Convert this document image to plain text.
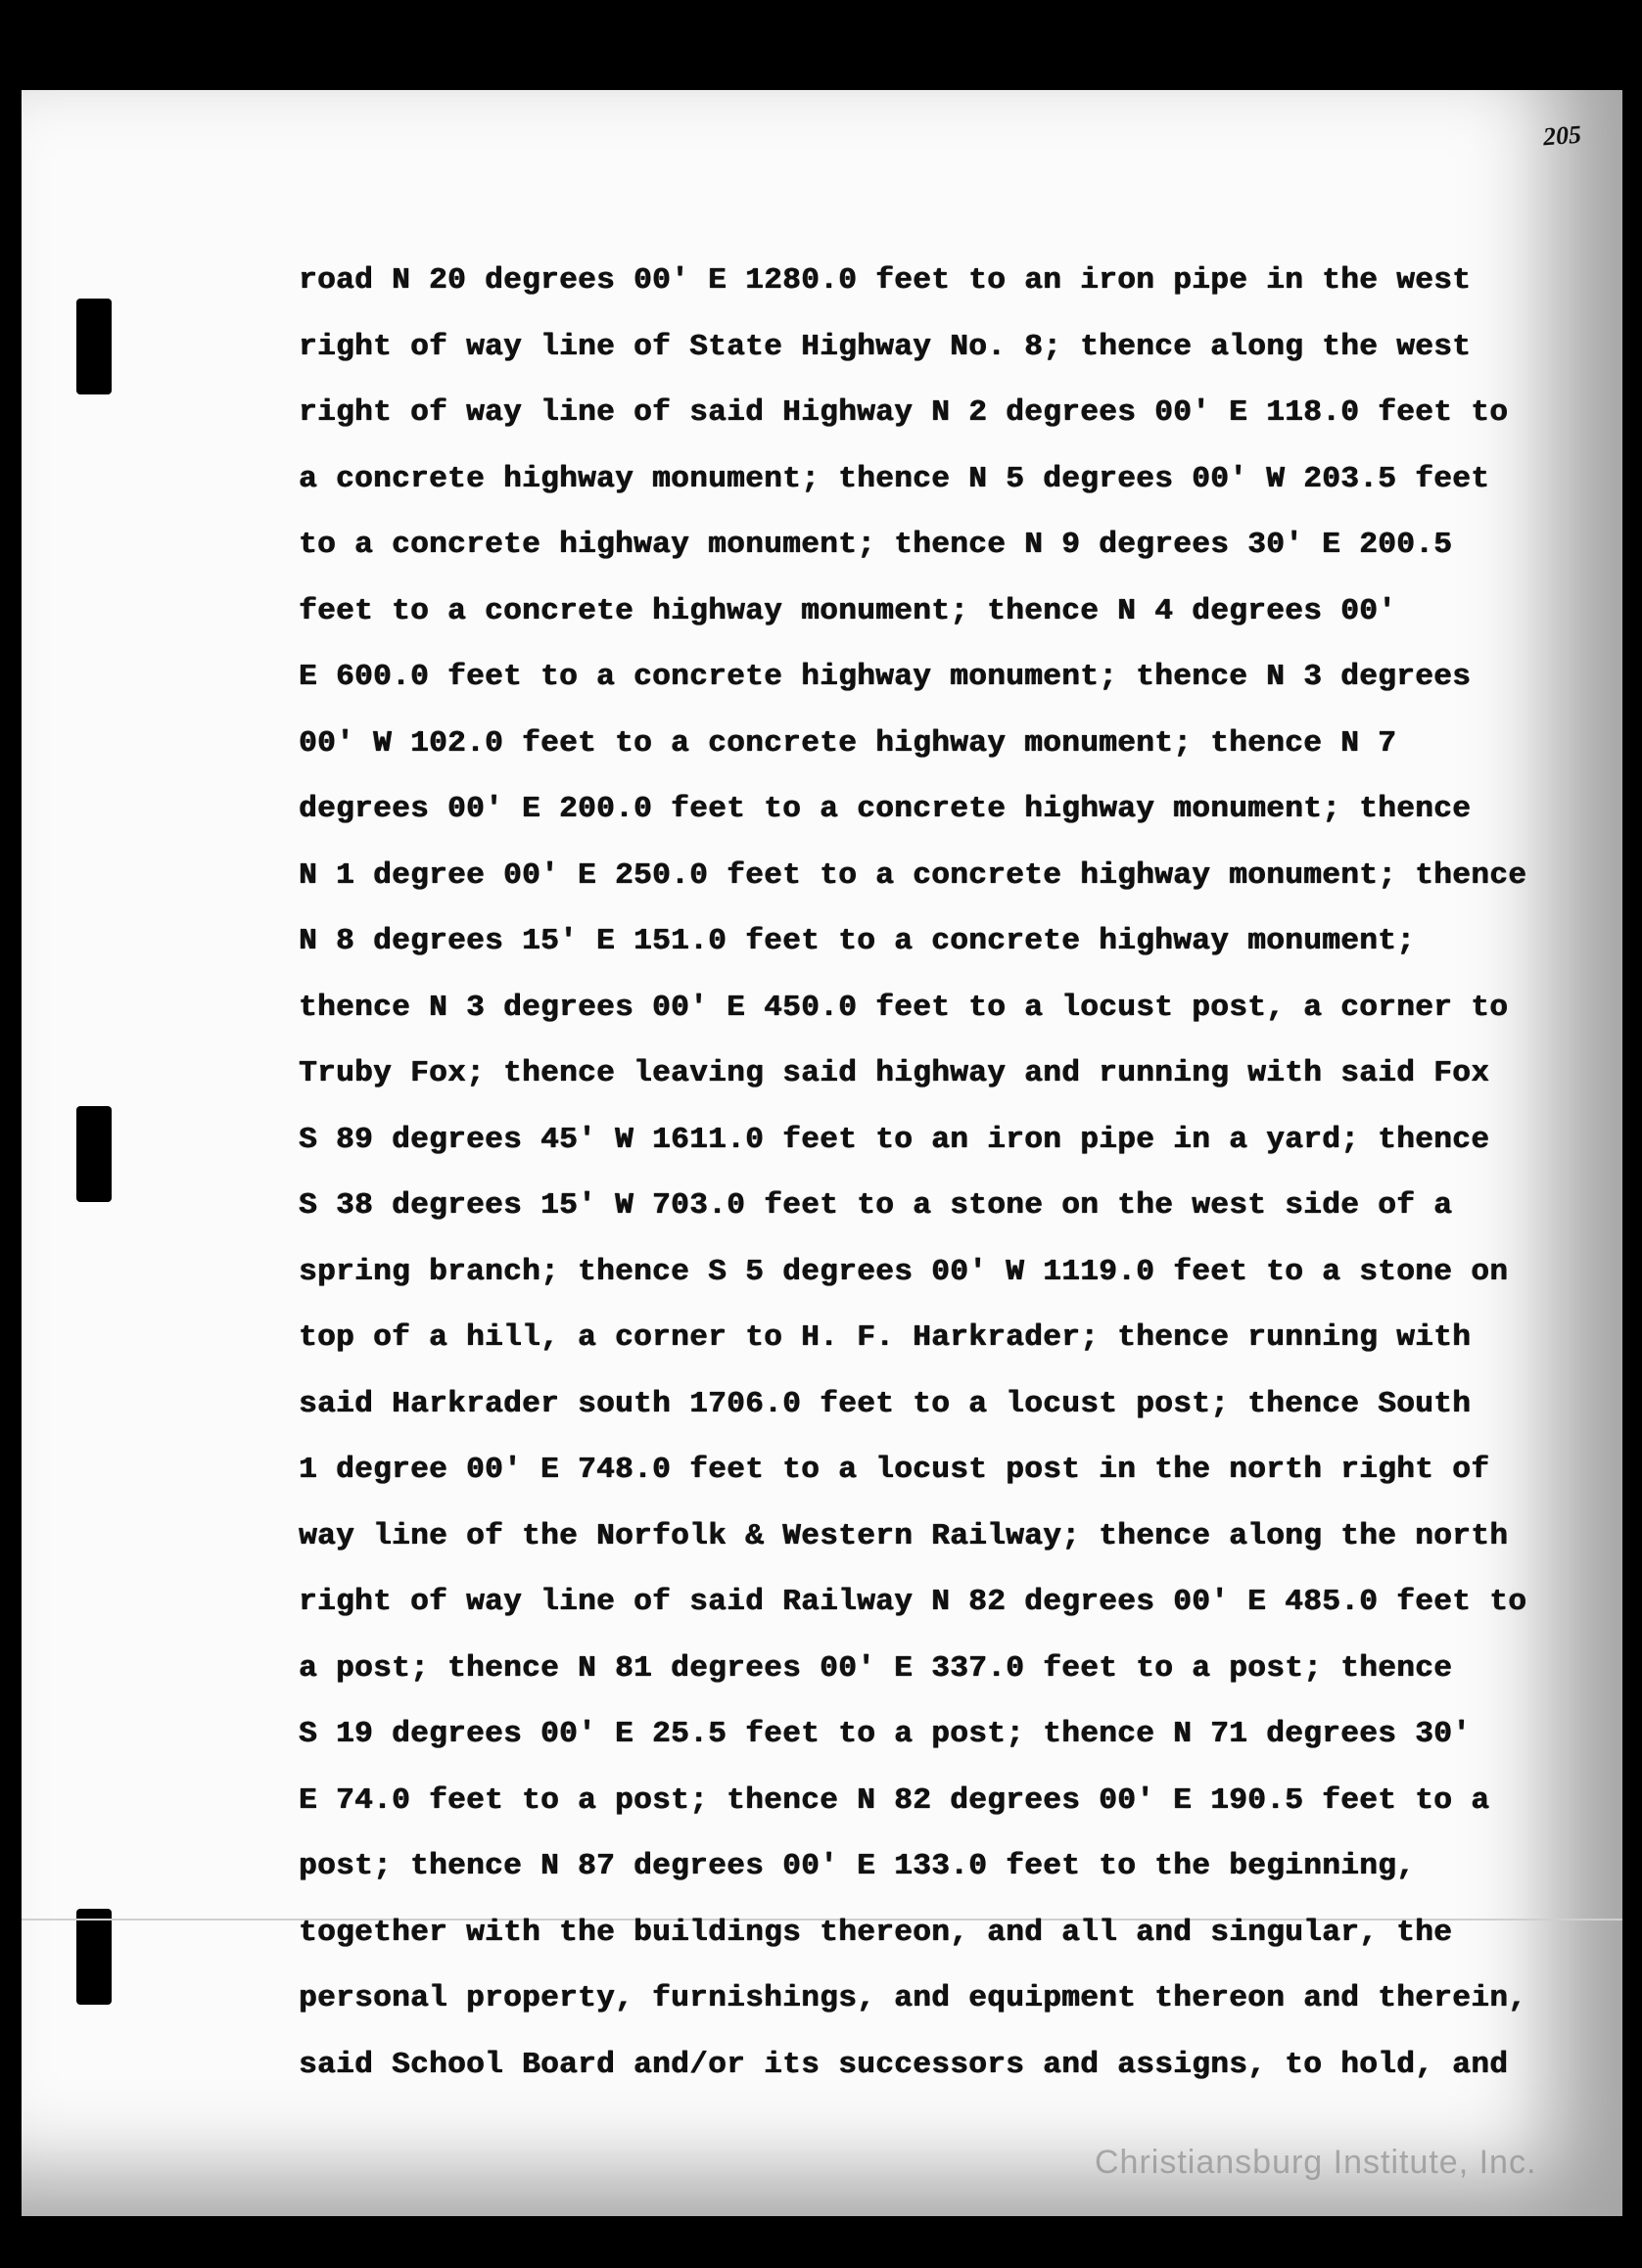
205
road N 20 degrees 00' E 1280.0 feet to an iron pipe in the west
right of way line of State Highway No. 8; thence along the west
right of way line of said Highway N 2 degrees 00' E 118.0 feet to
a concrete highway monument; thence N 5 degrees 00' W 203.5 feet
to a concrete highway monument; thence N 9 degrees 30' E 200.5
feet to a concrete highway monument; thence N 4 degrees 00'
E 600.0 feet to a concrete highway monument; thence N 3 degrees
00' W 102.0 feet to a concrete highway monument; thence N 7
degrees 00' E 200.0 feet to a concrete highway monument; thence
N 1 degree 00' E 250.0 feet to a concrete highway monument; thence
N 8 degrees 15' E 151.0 feet to a concrete highway monument;
thence N 3 degrees 00' E 450.0 feet to a locust post, a corner to
Truby Fox; thence leaving said highway and running with said Fox
S 89 degrees 45' W 1611.0 feet to an iron pipe in a yard; thence
S 38 degrees 15' W 703.0 feet to a stone on the west side of a
spring branch; thence S 5 degrees 00' W 1119.0 feet to a stone on
top of a hill, a corner to H. F. Harkrader; thence running with
said Harkrader south 1706.0 feet to a locust post; thence South
1 degree 00' E 748.0 feet to a locust post in the north right of
way line of the Norfolk & Western Railway; thence along the north
right of way line of said Railway N 82 degrees 00' E 485.0 feet to
a post; thence N 81 degrees 00' E 337.0 feet to a post; thence
S 19 degrees 00' E 25.5 feet to a post; thence N 71 degrees 30'
E 74.0 feet to a post; thence N 82 degrees 00' E 190.5 feet to a
post; thence N 87 degrees 00' E 133.0 feet to the beginning,
together with the buildings thereon, and all and singular, the
personal property, furnishings, and equipment thereon and therein,
said School Board and/or its successors and assigns, to hold, and
Christiansburg Institute, Inc.
